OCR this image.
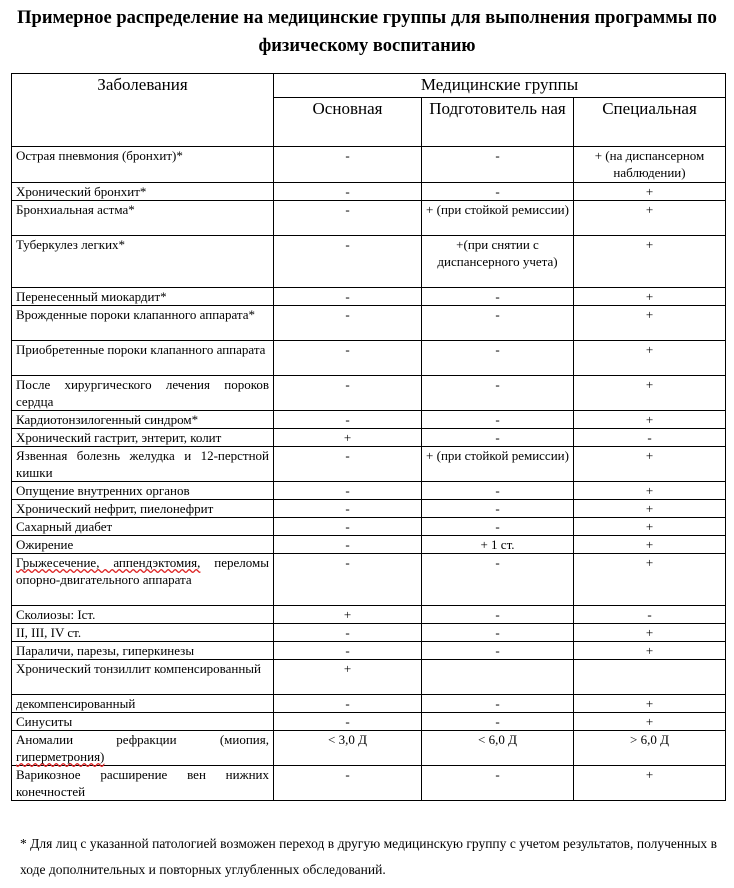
Примерное распределение на медицинские группы для выполнения программы по физическому воспитанию
Заболевания	Медицинские группы		
	Основная	Подготовитель ная	Специальная
Острая пневмония (бронхит)*	-	-	+ (на диспансерном наблюдении)
Хронический бронхит*	-	-	+
Бронхиальная астма*	-	+ (при стойкой ремиссии)	+
Туберкулез легких*	-	+(при снятии с диспансерного учета)	+
Перенесенный миокардит*	-	-	+
Врожденные пороки клапанного аппарата*	-	-	+
Приобретенные пороки клапанного аппарата	-	-	+
После хирургического лечения пороков сердца	-	-	+
Кардиотонзилогенный синдром*	-	-	+
Хронический гастрит, энтерит, колит	+	-	-
Язвенная болезнь желудка и 12-перстной кишки	-	+ (при стойкой ремиссии)	+
Опущение внутренних органов	-	-	+
Хронический нефрит, пиелонефрит	-	-	+
Сахарный диабет	-	-	+
Ожирение	-	+ 1 ст.	+
Грыжесечение, аппендэктомия, переломы опорно-двигательного аппарата	-	-	+
Сколиозы: Iст.	+	-	-
II, III, IV ст.	-	-	+
Параличи, парезы, гиперкинезы	-	-	+
Хронический тонзиллит компенсированный	+		
декомпенсированный	-	-	+
Синуситы	-	-	+
Аномалии рефракции (миопия, гиперметрония)	< 3,0 Д	< 6,0 Д	> 6,0 Д
Варикозное расширение вен нижних конечностей	-	-	+
* Для лиц с указанной патологией возможен переход в другую медицинскую группу с учетом результатов, полученных в ходе дополнительных и повторных углубленных обследований.
